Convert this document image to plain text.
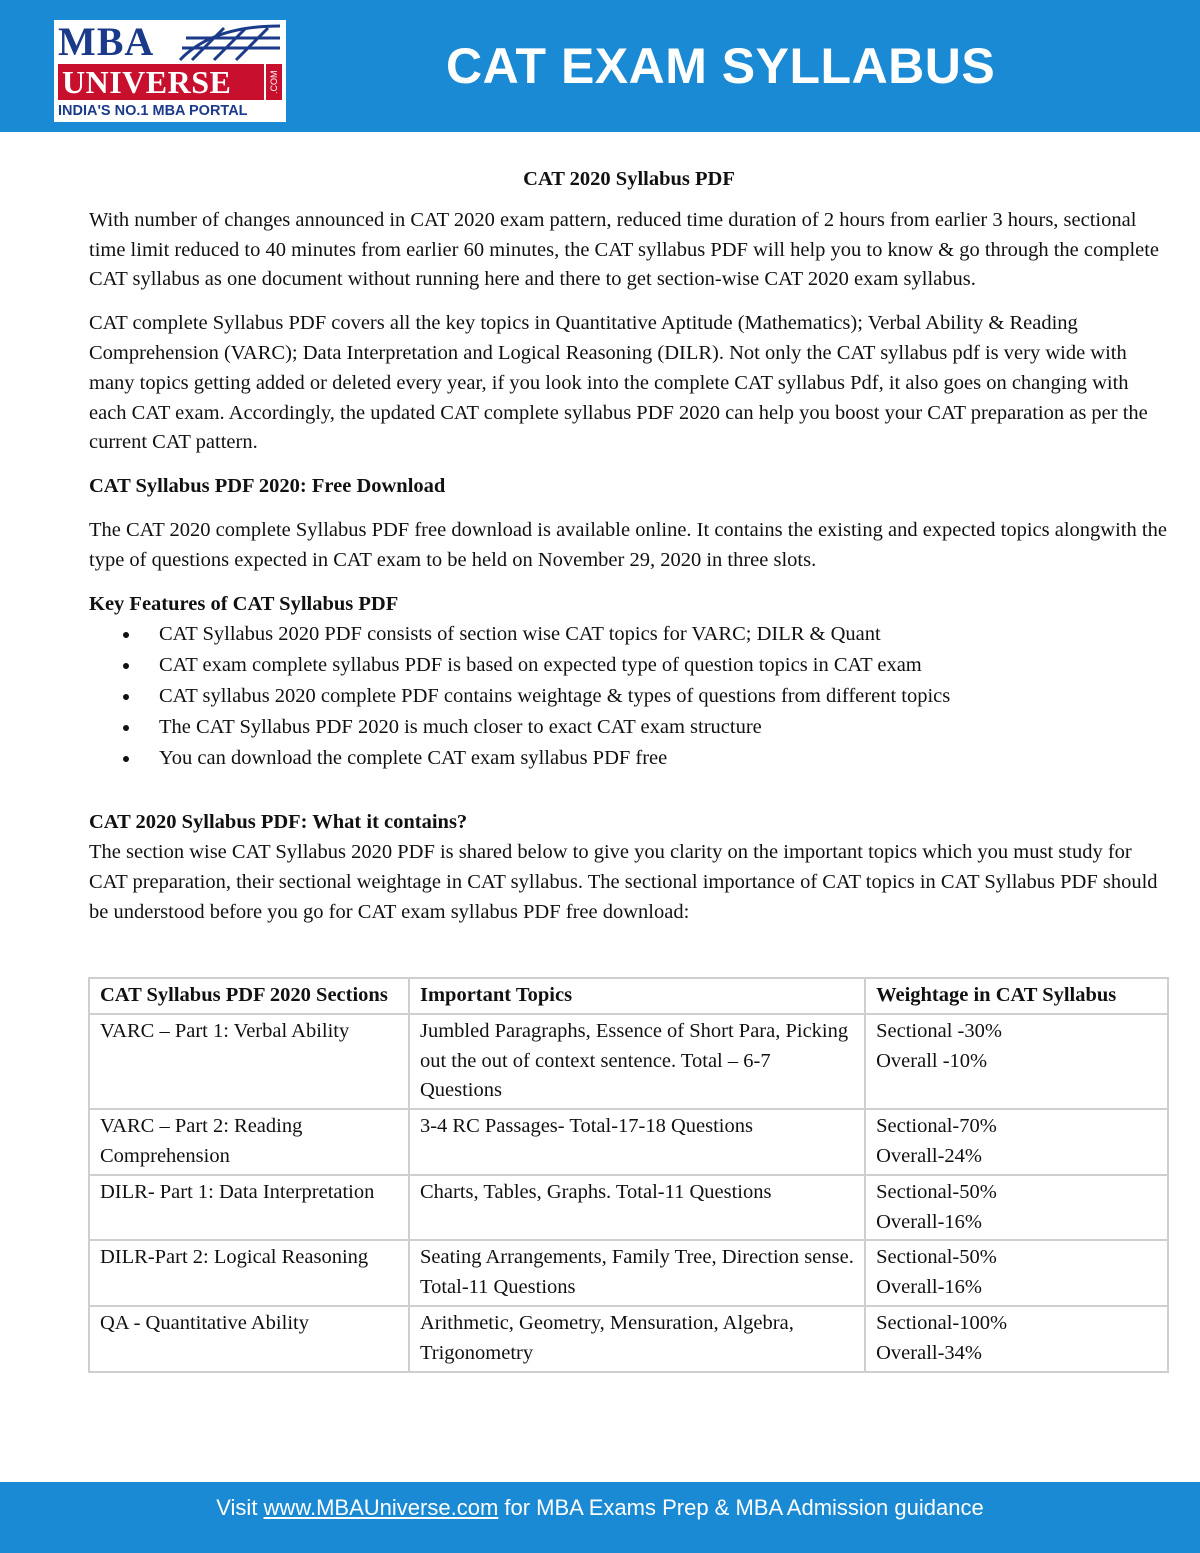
MBA
UNIVERSE	.COM
INDIA'S NO.1 MBA PORTAL
CAT EXAM SYLLABUS
CAT 2020 Syllabus PDF

With number of changes announced in CAT 2020 exam pattern, reduced time duration of 2 hours from earlier 3 hours, sectional time limit reduced to 40 minutes from earlier 60 minutes, the CAT syllabus PDF will help you to know & go through the complete CAT syllabus as one document without running here and there to get section-wise CAT 2020 exam syllabus.

CAT complete Syllabus PDF covers all the key topics in Quantitative Aptitude (Mathematics); Verbal Ability & Reading Comprehension (VARC); Data Interpretation and Logical Reasoning (DILR). Not only the CAT syllabus pdf is very wide with many topics getting added or deleted every year, if you look into the complete CAT syllabus Pdf, it also goes on changing with each CAT exam. Accordingly, the updated CAT complete syllabus PDF 2020 can help you boost your CAT preparation as per the current CAT pattern.

CAT Syllabus PDF 2020: Free Download

The CAT 2020 complete Syllabus PDF free download is available online. It contains the existing and expected topics alongwith the type of questions expected in CAT exam to be held on November 29, 2020 in three slots.

Key Features of CAT Syllabus PDF
CAT Syllabus 2020 PDF consists of section wise CAT topics for VARC; DILR & Quant
CAT exam complete syllabus PDF is based on expected type of question topics in CAT exam
CAT syllabus 2020 complete PDF contains weightage & types of questions from different topics
The CAT Syllabus PDF 2020 is much closer to exact CAT exam structure
You can download the complete CAT exam syllabus PDF free
CAT 2020 Syllabus PDF: What it contains?

The section wise CAT Syllabus 2020 PDF is shared below to give you clarity on the important topics which you must study for CAT preparation, their sectional weightage in CAT syllabus. The sectional importance of CAT topics in CAT Syllabus PDF should be understood before you go for CAT exam syllabus PDF free download:

CAT Syllabus PDF 2020 Sections	Important Topics	Weightage in CAT Syllabus
VARC – Part 1: Verbal Ability	Jumbled Paragraphs, Essence of Short Para, Picking out the out of context sentence. Total – 6-7 Questions	Sectional -30%
Overall -10%

VARC – Part 2: Reading Comprehension	3-4 RC Passages- Total-17-18 Questions	Sectional-70%
Overall-24%

DILR- Part 1: Data Interpretation	Charts, Tables, Graphs. Total-11 Questions	Sectional-50%
Overall-16%

DILR-Part 2: Logical Reasoning	Seating Arrangements, Family Tree, Direction sense. Total-11 Questions	Sectional-50%
Overall-16%

QA - Quantitative Ability	Arithmetic, Geometry, Mensuration, Algebra, Trigonometry	Sectional-100%
Overall-34%
Visit www.MBAUniverse.com for MBA Exams Prep & MBA Admission guidance
